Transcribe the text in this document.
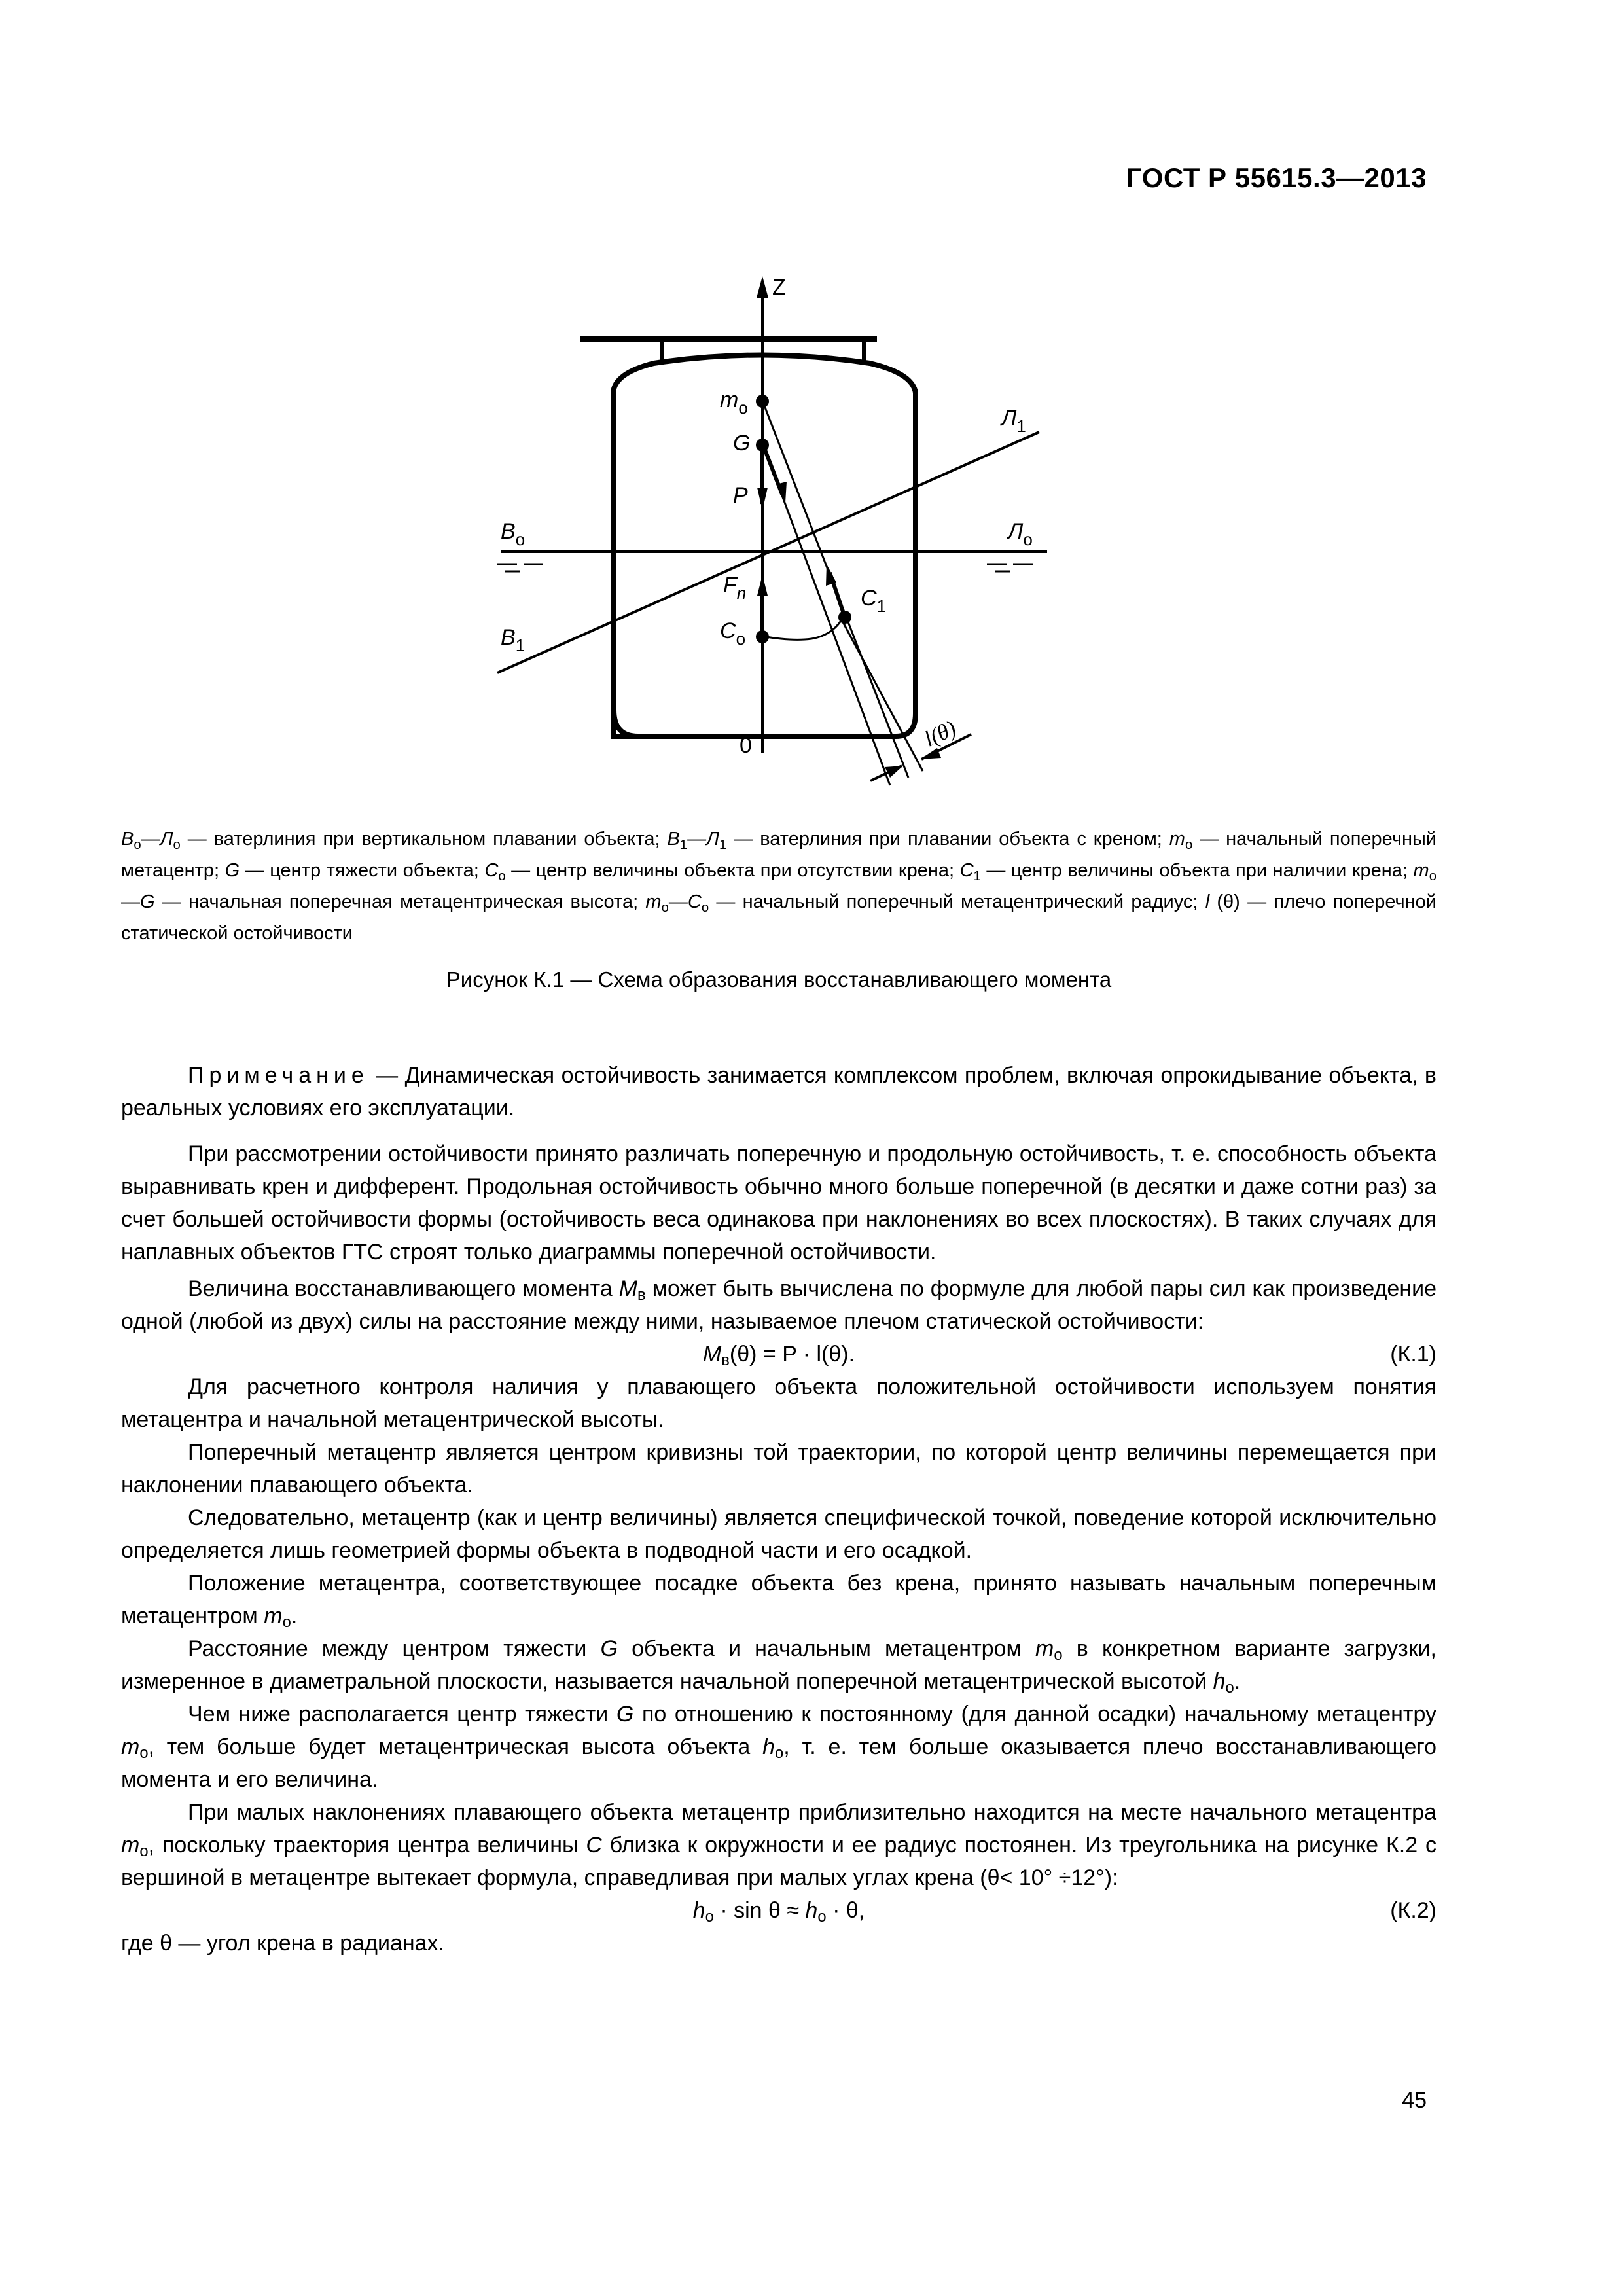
ГОСТ Р 55615.3—2013
Z
$m_o$
G
P
$B_o$	$Л_o$
$Л_1$
$B_1$
$F_n$
$C_o$
$C_1$
0	l(θ)
$B_o—Л_o$ — ватерлиния при вертикальном плавании объекта; $B_1—Л_1$ — ватерлиния при плавании объекта с креном; $m_o$ — начальный поперечный метацентр; G — центр тяжести объекта; $C_o$ — центр величины объекта при отсутствии крена; $C_1$ — центр величины объекта при наличии крена; $m_o—G$ — начальная поперечная метацентрическая высота; $m_o—C_o$ — начальный поперечный метацентрический радиус; l (θ) — плечо поперечной статической остойчивости
Рисунок К.1 — Схема образования восстанавливающего момента

Примечание — Динамическая остойчивость занимается комплексом проблем, включая опрокидывание объекта, в реальных условиях его эксплуатации.

При рассмотрении остойчивости принято различать поперечную и продольную остойчивость, т. е. способность объекта выравнивать крен и дифферент. Продольная остойчивость обычно много больше поперечной (в десятки и даже сотни раз) за счет большей остойчивости формы (остойчивость веса одинакова при наклонениях во всех плоскостях). В таких случаях для наплавных объектов ГТС строят только диаграммы поперечной остойчивости.

Величина восстанавливающего момента $M_в$ может быть вычислена по формуле для любой пары сил как произведение одной (любой из двух) силы на расстояние между ними, называемое плечом статической остойчивости:

$M_в(\theta) = P \cdot l(\theta)$.	(К.1)

Для расчетного контроля наличия у плавающего объекта положительной остойчивости используем понятия метацентра и начальной метацентрической высоты.

Поперечный метацентр является центром кривизны той траектории, по которой центр величины перемещается при наклонении плавающего объекта.

Следовательно, метацентр (как и центр величины) является специфической точкой, поведение которой исключительно определяется лишь геометрией формы объекта в подводной части и его осадкой.

Положение метацентра, соответствующее посадке объекта без крена, принято называть начальным поперечным метацентром $m_o$.

Расстояние между центром тяжести G объекта и начальным метацентром $m_o$ в конкретном варианте загрузки, измеренное в диаметральной плоскости, называется начальной поперечной метацентрической высотой $h_o$.

Чем ниже располагается центр тяжести G по отношению к постоянному (для данной осадки) начальному метацентру $m_o$, тем больше будет метацентрическая высота объекта $h_o$, т. е. тем больше оказывается плечо восстанавливающего момента и его величина.

При малых наклонениях плавающего объекта метацентр приблизительно находится на месте начального метацентра $m_o$, поскольку траектория центра величины C близка к окружности и ее радиус постоянен. Из треугольника на рисунке К.2 с вершиной в метацентре вытекает формула, справедливая при малых углах крена (θ< 10° ÷12°):

$h_o \cdot \sin \theta \approx h_o \cdot \theta$,	(К.2)

где θ — угол крена в радианах.

45
